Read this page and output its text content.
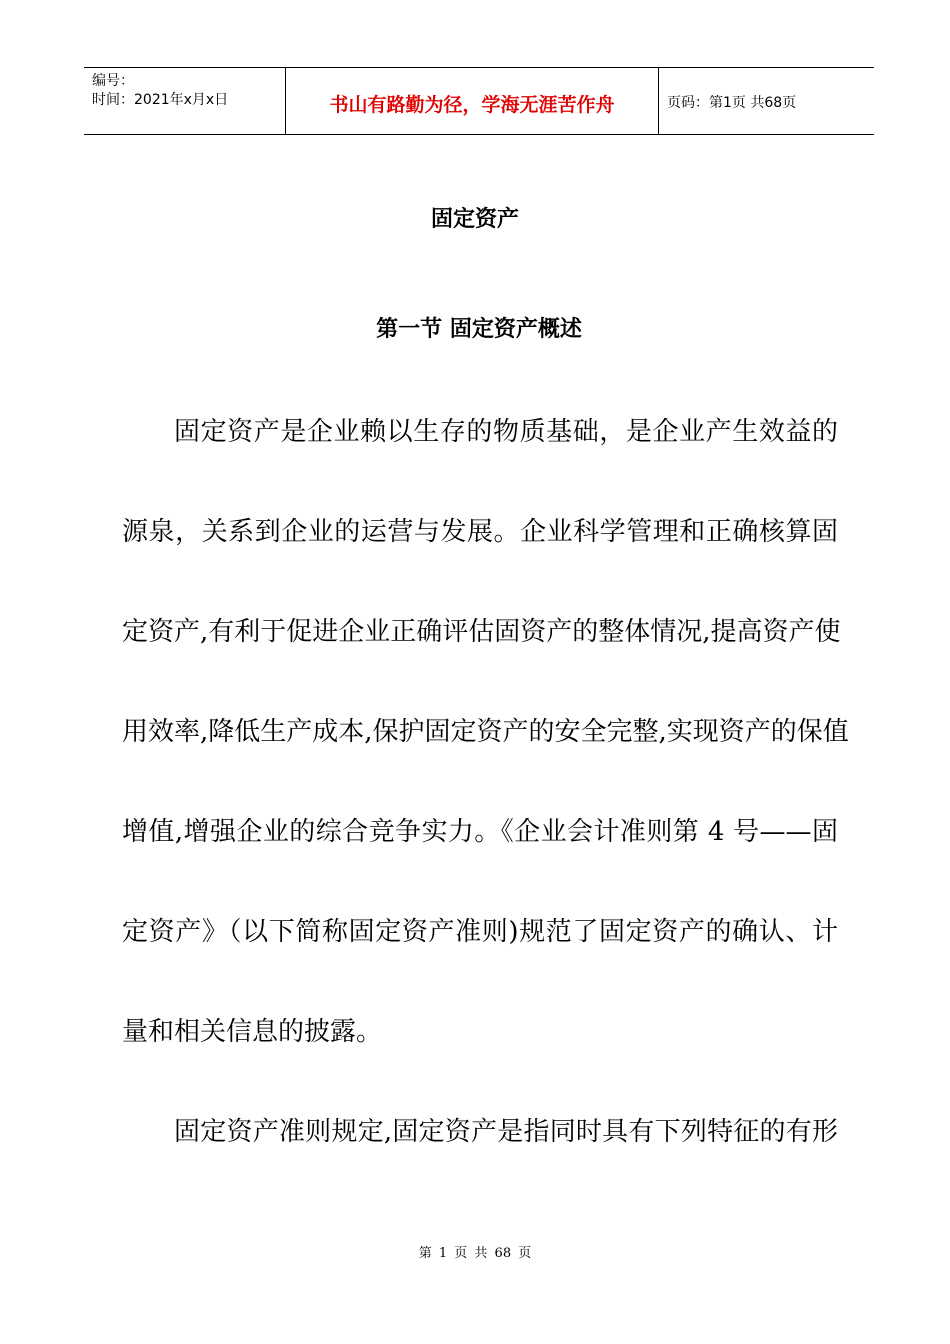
编号：
时间：2021年x月x日	书山有路勤为径，学海无涯苦作舟	页码：第1页 共68页
固定资产
第一节 固定资产概述
固定资产是企业赖以生存的物质基础，是企业产生效益的
源泉，关系到企业的运营与发展。企业科学管理和正确核算固
定资产,有利于促进企业正确评估固资产的整体情况,提高资产使
用效率,降低生产成本,保护固定资产的安全完整,实现资产的保值
增值,增强企业的综合竞争实力。《企业会计准则第 4 号——固
定资产》（以下简称固定资产准则)规范了固定资产的确认、计
量和相关信息的披露。
固定资产准则规定,固定资产是指同时具有下列特征的有形
第 1 页 共 68 页
